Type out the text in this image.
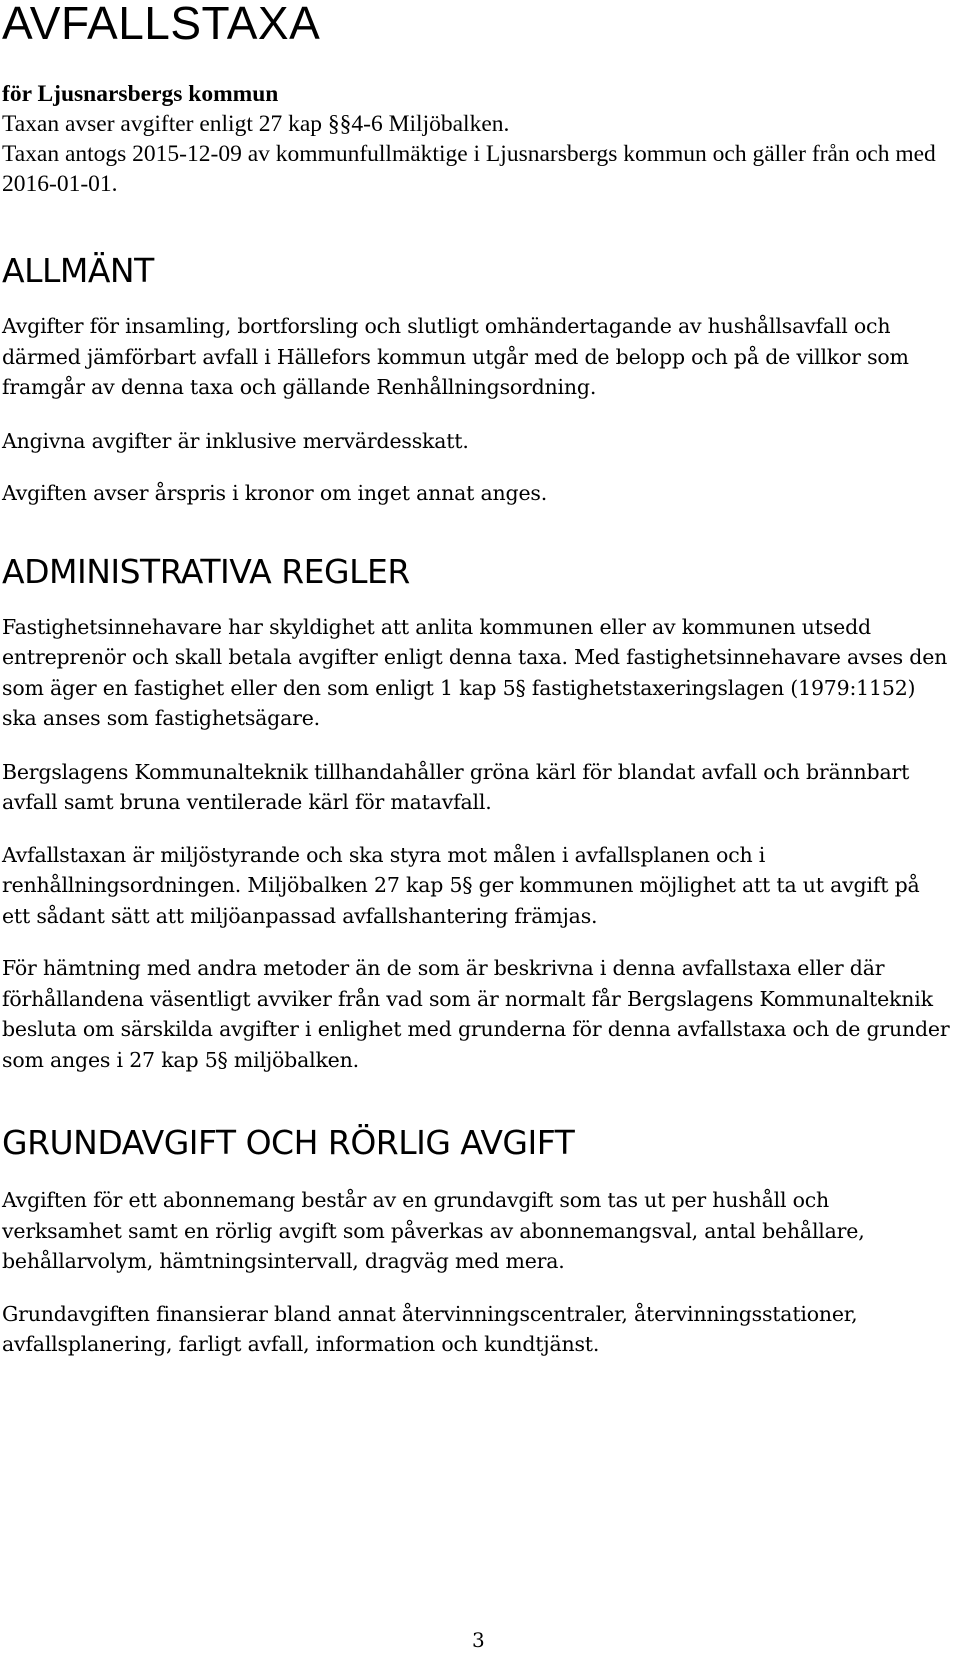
AVFALLSTAXA
för Ljusnarsbergs kommun
Taxan avser avgifter enligt 27 kap §§4-6 Miljöbalken.
Taxan antogs 2015-12-09 av kommunfullmäktige i Ljusnarsbergs kommun och gäller från och med 2016-01-01.
ALLMÄNT

Avgifter för insamling, bortforsling och slutligt omhändertagande av hushållsavfall och därmed jämförbart avfall i Hällefors kommun utgår med de belopp och på de villkor som framgår av denna taxa och gällande Renhållningsordning.

Angivna avgifter är inklusive mervärdesskatt.

Avgiften avser årspris i kronor om inget annat anges.

ADMINISTRATIVA REGLER

Fastighetsinnehavare har skyldighet att anlita kommunen eller av kommunen utsedd entreprenör och skall betala avgifter enligt denna taxa. Med fastighetsinnehavare avses den som äger en fastighet eller den som enligt 1 kap 5§ fastighetstaxeringslagen (1979:1152) ska anses som fastighetsägare.

Bergslagens Kommunalteknik tillhandahåller gröna kärl för blandat avfall och brännbart avfall samt bruna ventilerade kärl för matavfall.

Avfallstaxan är miljöstyrande och ska styra mot målen i avfallsplanen och i renhållningsordningen. Miljöbalken 27 kap 5§ ger kommunen möjlighet att ta ut avgift på ett sådant sätt att miljöanpassad avfallshantering främjas.

För hämtning med andra metoder än de som är beskrivna i denna avfallstaxa eller där förhållandena väsentligt avviker från vad som är normalt får Bergslagens Kommunalteknik besluta om särskilda avgifter i enlighet med grunderna för denna avfallstaxa och de grunder som anges i 27 kap 5§ miljöbalken.

GRUNDAVGIFT OCH RÖRLIG AVGIFT

Avgiften för ett abonnemang består av en grundavgift som tas ut per hushåll och verksamhet samt en rörlig avgift som påverkas av abonnemangsval, antal behållare, behållarvolym, hämtningsintervall, dragväg med mera.

Grundavgiften finansierar bland annat återvinningscentraler, återvinningsstationer, avfallsplanering, farligt avfall, information och kundtjänst.

3
